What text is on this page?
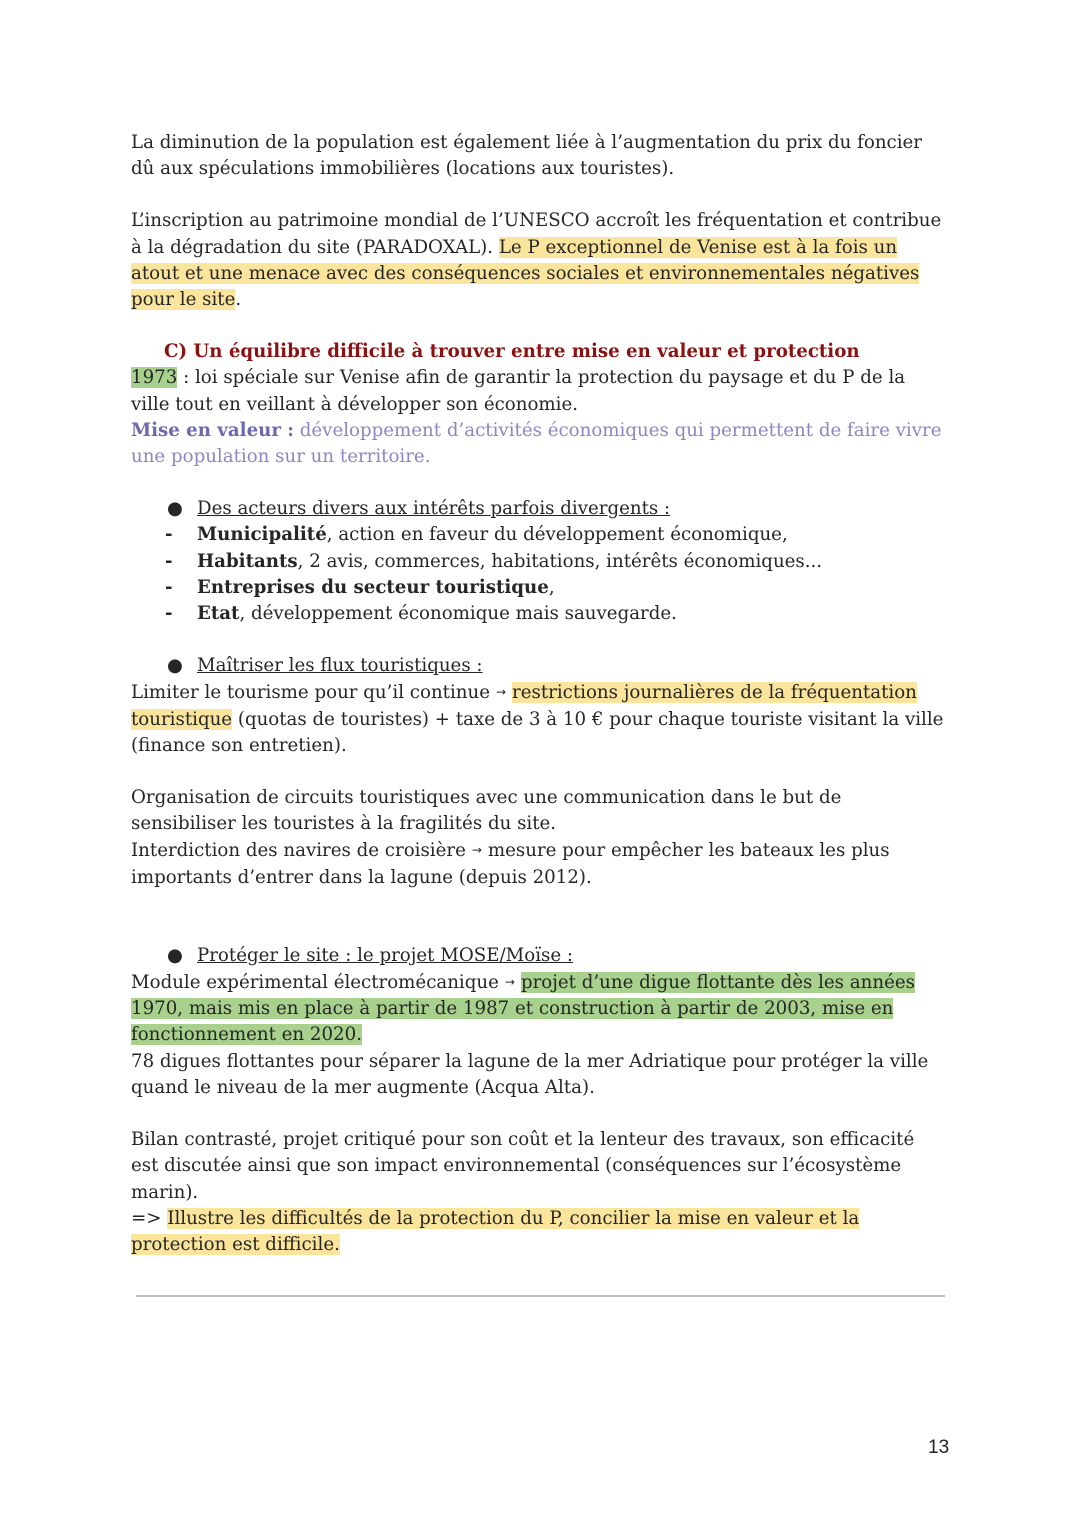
La diminution de la population est également liée à l’augmentation du prix du foncier dû aux spéculations immobilières (locations aux touristes).

L’inscription au patrimoine mondial de l’UNESCO accroît les fréquentation et contribue à la dégradation du site (PARADOXAL). Le P exceptionnel de Venise est à la fois un atout et une menace avec des conséquences sociales et environnementales négatives pour le site.

C) Un équilibre difficile à trouver entre mise en valeur et protection

1973 : loi spéciale sur Venise afin de garantir la protection du paysage et du P de la ville tout en veillant à développer son économie.

Mise en valeur : développement d’activités économiques qui permettent de faire vivre une population sur un territoire.

● Des acteurs divers aux intérêts parfois divergents :

- Municipalité, action en faveur du développement économique,

- Habitants, 2 avis, commerces, habitations, intérêts économiques...

- Entreprises du secteur touristique,

- Etat, développement économique mais sauvegarde.

● Maîtriser les flux touristiques :

Limiter le tourisme pour qu’il continue → restrictions journalières de la fréquentation touristique (quotas de touristes) + taxe de 3 à 10 € pour chaque touriste visitant la ville (finance son entretien).

Organisation de circuits touristiques avec une communication dans le but de sensibiliser les touristes à la fragilités du site.

Interdiction des navires de croisière → mesure pour empêcher les bateaux les plus importants d’entrer dans la lagune (depuis 2012).

● Protéger le site : le projet MOSE/Moïse :

Module expérimental électromécanique → projet d’une digue flottante dès les années 1970, mais mis en place à partir de 1987 et construction à partir de 2003, mise en fonctionnement en 2020.

78 digues flottantes pour séparer la lagune de la mer Adriatique pour protéger la ville quand le niveau de la mer augmente (Acqua Alta).

Bilan contrasté, projet critiqué pour son coût et la lenteur des travaux, son efficacité est discutée ainsi que son impact environnemental (conséquences sur l’écosystème marin).

=> Illustre les difficultés de la protection du P, concilier la mise en valeur et la protection est difficile.

13
